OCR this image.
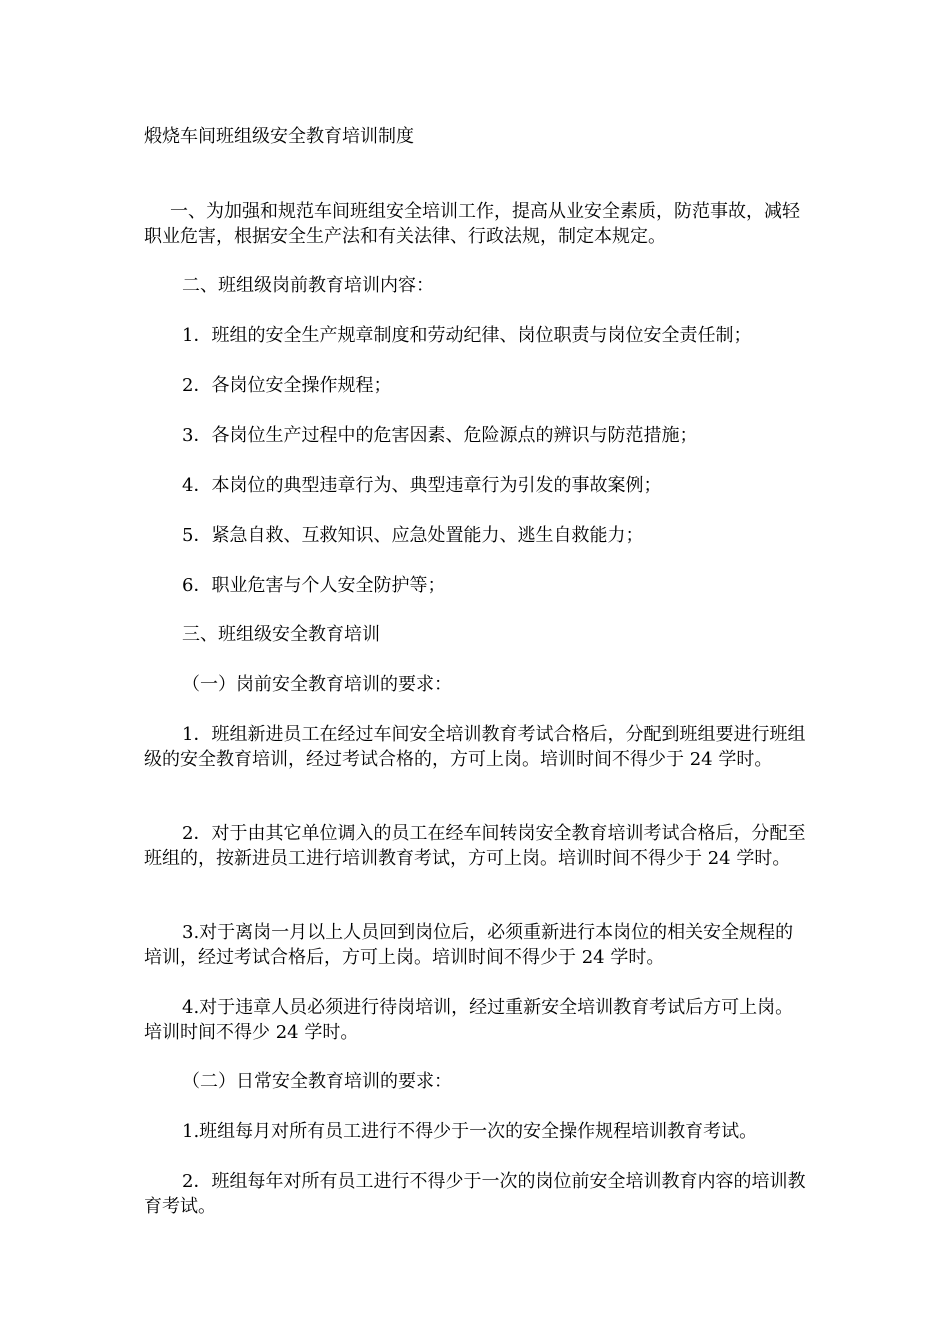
煅烧车间班组级安全教育培训制度
一、为加强和规范车间班组安全培训工作，提高从业安全素质，防范事故，减轻职业危害，根据安全生产法和有关法律、行政法规，制定本规定。
二、班组级岗前教育培训内容：
1．班组的安全生产规章制度和劳动纪律、岗位职责与岗位安全责任制；
2．各岗位安全操作规程；
3．各岗位生产过程中的危害因素、危险源点的辨识与防范措施；
4．本岗位的典型违章行为、典型违章行为引发的事故案例；
5．紧急自救、互救知识、应急处置能力、逃生自救能力；
6．职业危害与个人安全防护等；
三、班组级安全教育培训
（一）岗前安全教育培训的要求：
1．班组新进员工在经过车间安全培训教育考试合格后，分配到班组要进行班组级的安全教育培训，经过考试合格的，方可上岗。培训时间不得少于 24 学时。
2．对于由其它单位调入的员工在经车间转岗安全教育培训考试合格后，分配至班组的，按新进员工进行培训教育考试，方可上岗。培训时间不得少于 24 学时。
3.对于离岗一月以上人员回到岗位后，必须重新进行本岗位的相关安全规程的培训，经过考试合格后，方可上岗。培训时间不得少于 24 学时。
4.对于违章人员必须进行待岗培训，经过重新安全培训教育考试后方可上岗。培训时间不得少 24 学时。
（二）日常安全教育培训的要求：
1.班组每月对所有员工进行不得少于一次的安全操作规程培训教育考试。
2．班组每年对所有员工进行不得少于一次的岗位前安全培训教育内容的培训教育考试。
